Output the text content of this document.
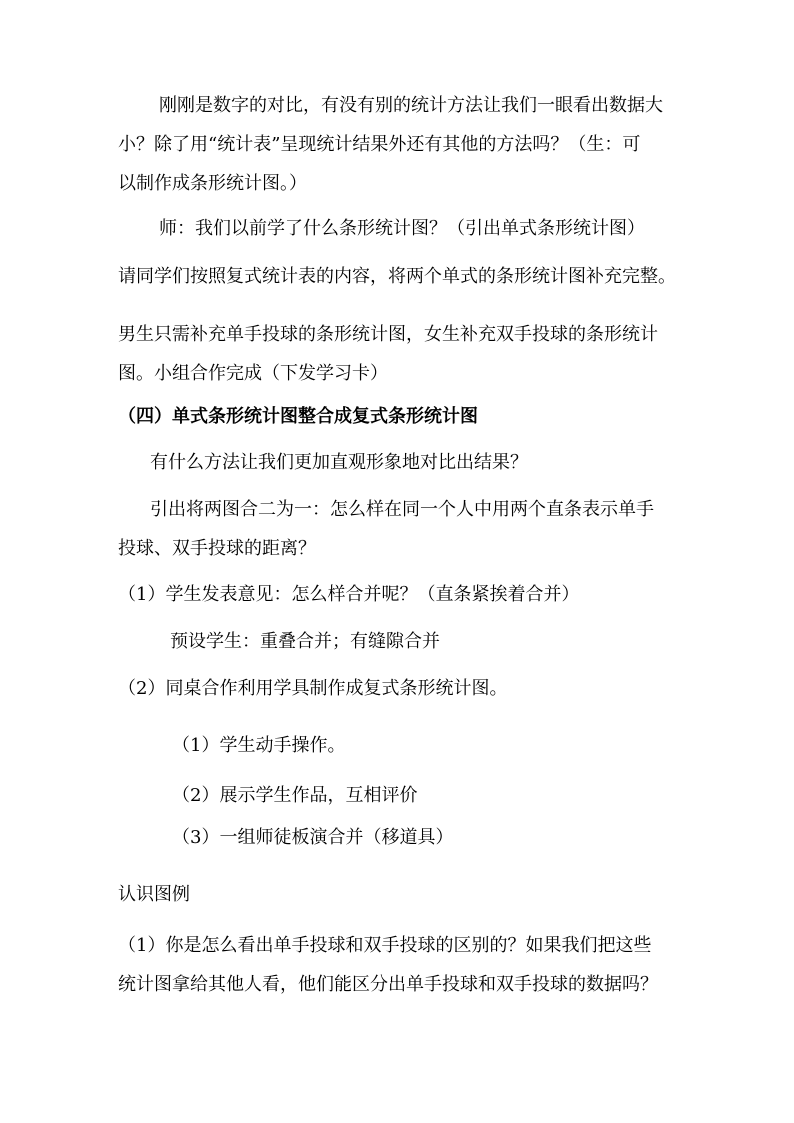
刚刚是数字的对比，有没有别的统计方法让我们一眼看出数据大
小？除了用“统计表”呈现统计结果外还有其他的方法吗？（生：可
以制作成条形统计图。）
师：我们以前学了什么条形统计图？（引出单式条形统计图）
请同学们按照复式统计表的内容，将两个单式的条形统计图补充完整。
男生只需补充单手投球的条形统计图，女生补充双手投球的条形统计
图。小组合作完成（下发学习卡）
（四）单式条形统计图整合成复式条形统计图
有什么方法让我们更加直观形象地对比出结果？
引出将两图合二为一：怎么样在同一个人中用两个直条表示单手
投球、双手投球的距离？
（1）学生发表意见：怎么样合并呢？（直条紧挨着合并）
预设学生：重叠合并；有缝隙合并
（2）同桌合作利用学具制作成复式条形统计图。
（1）学生动手操作。
（2）展示学生作品，互相评价
（3）一组师徒板演合并（移道具）
认识图例
（1）你是怎么看出单手投球和双手投球的区别的？如果我们把这些
统计图拿给其他人看，他们能区分出单手投球和双手投球的数据吗？
